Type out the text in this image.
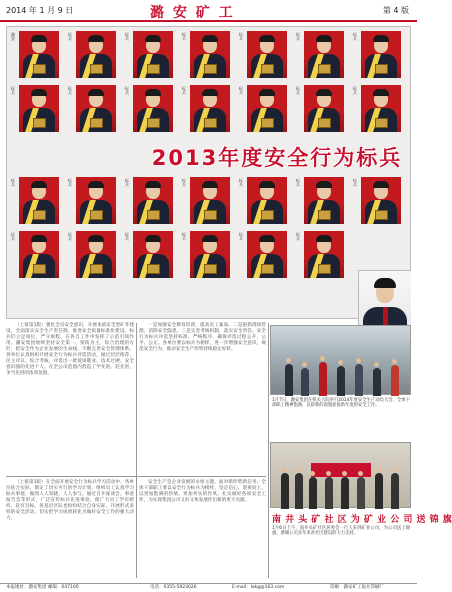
2014 年 1 月 9 日	潞 安 矿 工	第 4 版
2013年度安全行为标兵
潞安
标兵
标兵
标兵
标兵
标兵
标兵
标兵
标兵
标兵
标兵
标兵
标兵
标兵
标兵
标兵
标兵
标兵
标兵
标兵
标兵
标兵
标兵
标兵
标兵
标兵
标兵

（上接第1版）强化全员安全意识，开展本质安全型矿井建设，全面落实安全生产责任制，推进安全质量标准化建设。标兵们立足岗位、严守规程，在各自工作中发挥了示范引领作用。潞安集团始终坚持安全第一、预防为主、综合治理的方针，把安全作为企业发展的生命线，不断完善安全管理体系。各单位认真组织开展安全行为标兵评选活动，通过层层推荐、民主评议、综合考核，评选出一批爱岗敬业、技术过硬、安全意识强的先进个人，在全公司范围内营造了学先进、赶先进、争当先进的浓厚氛围。

一是加强安全教育培训，提高员工素质。二是狠抓现场管理，消除安全隐患。三是完善考核机制，落实安全责任。安全行为标兵评选坚持标准、严格程序，确保评选过程公开、公平、公正。各单位要以标兵为榜样，进一步增强安全意识，规范安全行为，推动安全生产形势持续稳定好转。

（上接第1版）在全面开展安全行为标兵学习活动中，各单位结合实际，制定了切实可行的学习计划，组织员工认真学习标兵事迹，做到人人知晓、人人参与。通过召开座谈会、事迹报告会等形式，广泛宣传标兵先进事迹，使广大员工学有榜样、赶有目标。各基层区队也纷纷结合自身实际，开展形式多样的安全活动，切实把学习成果转化为做好安全工作的强大动力。

安全生产是企业发展的永恒主题。面对新形势新任务，全体干部职工要以安全行为标兵为榜样，坚定信心、迎难而上，以更加饱满的热情、更加务实的作风，扎实做好各项安全工作，为实现集团公司又好又快发展作出新的更大贡献。

1月7日，潞安集团在机关大院举行2014年度安全生产动员大会，全体干部职工精神饱满，以崭新的面貌迎接新年度的安全工作。
南 井 头 矿 社 区 为 矿 业 公 司 送 锦 旗
1月6日上午，南井头矿社区居委会一行人来到矿业公司，为公司送上锦旗，感谢公司多年来对社区建设的大力支持。
本报地址：潞安集团 邮编：047100	电话：0355-5923026	E-mail：lakg@163.com	印刷：潞安矿工报社印刷厂
